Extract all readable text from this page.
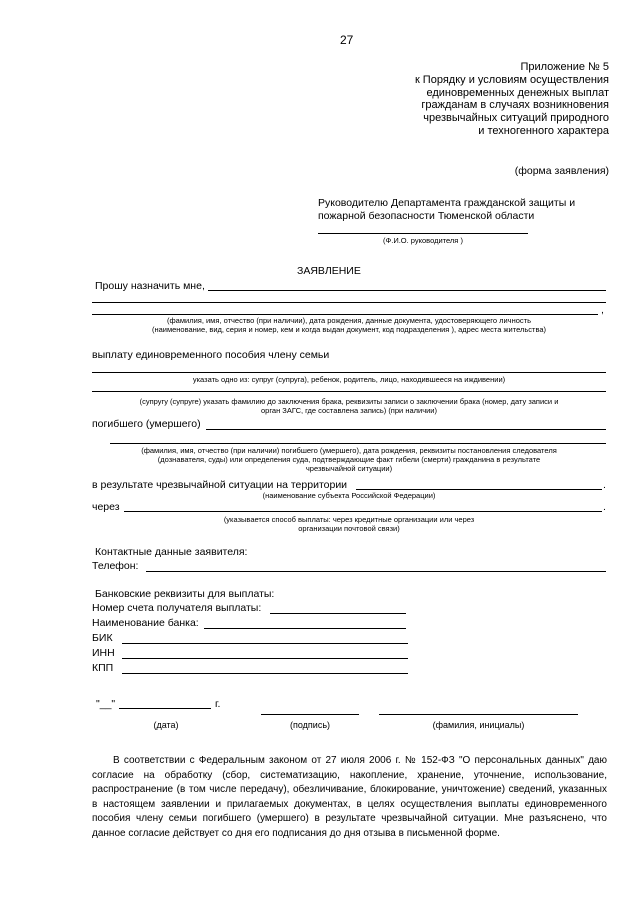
27
Приложение № 5
к Порядку и условиям осуществления
единовременных денежных выплат
гражданам в случаях возникновения
чрезвычайных ситуаций природного
и техногенного характера
(форма заявления)
Руководителю Департамента гражданской защиты и
пожарной безопасности Тюменской области
(Ф.И.О. руководителя )
ЗАЯВЛЕНИЕ
Прошу назначить мне,
,
(фамилия, имя, отчество (при наличии), дата рождения, данные документа, удостоверяющего личность
(наименование, вид, серия и номер, кем и когда выдан документ, код подразделения ), адрес места жительства)
выплату единовременного пособия члену семьи
указать одно из: супруг (супруга), ребенок, родитель, лицо, находившееся на иждивении)
(супругу (супруге) указать фамилию до заключения брака, реквизиты записи о заключении брака (номер, дату записи и
орган ЗАГС, где составлена запись) (при наличии)
погибшего (умершего)
(фамилия, имя, отчество (при наличии) погибшего (умершего), дата рождения, реквизиты постановления следователя
(дознавателя, суды) или определения суда, подтверждающие факт гибели (смерти) гражданина в результате
чрезвычайной ситуации)
в результате чрезвычайной ситуации на территории	.
(наименование субъекта Российской Федерации)
через	.
(указывается способ выплаты: через кредитные организации или через
организации почтовой связи)
Контактные данные заявителя:
Телефон:
Банковские реквизиты для выплаты:
Номер счета получателя выплаты:
Наименование банка:
БИК
ИНН
КПП
"__"	г.
(дата)	(подпись)	(фамилия, инициалы)
В соответствии с Федеральным законом от 27 июля 2006 г. № 152-ФЗ "О персональных данных" даю согласие на обработку (сбор, систематизацию, накопление, хранение, уточнение, использование, распространение (в том числе передачу), обезличивание, блокирование, уничтожение) сведений, указанных в настоящем заявлении и прилагаемых документах, в целях осуществления выплаты единовременного пособия члену семьи погибшего (умершего) в результате чрезвычайной ситуации. Мне разъяснено, что данное согласие действует со дня его подписания до дня отзыва в письменной форме.
